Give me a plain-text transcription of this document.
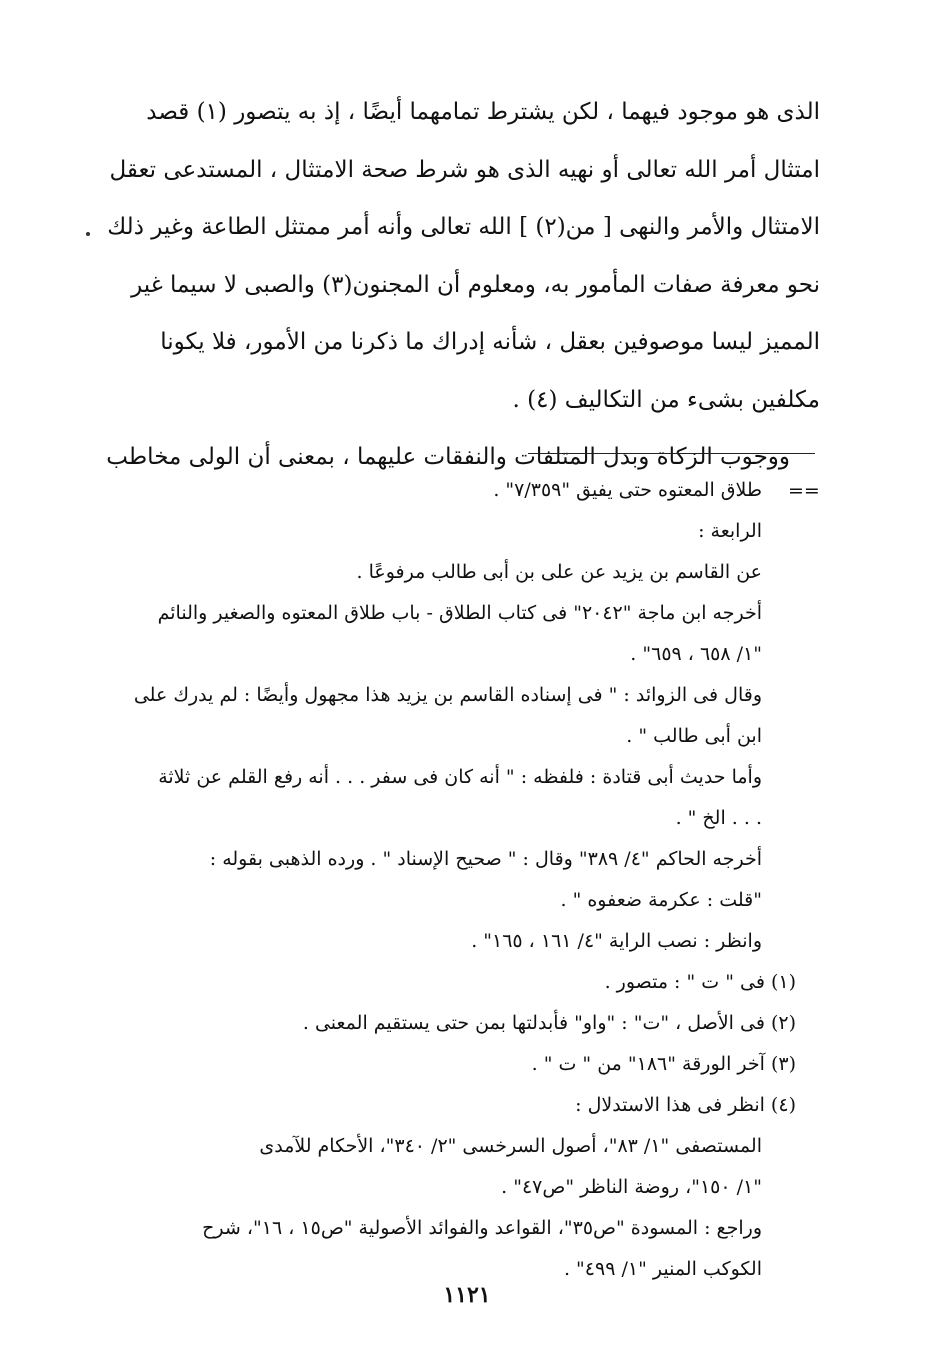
الذى هو موجود فيهما ، لكن يشترط تمامهما أيضًا ، إذ به يتصور (١) قصد
امتثال أمر الله تعالى أو نهيه الذى هو شرط صحة الامتثال ، المستدعى تعقل
الامتثال والأمر والنهى [ من(٢) ] الله تعالى وأنه أمر ممتثل الطاعة وغير ذلك
نحو معرفة صفات المأمور به، ومعلوم أن المجنون(٣) والصبى لا سيما غير
المميز ليسا موصوفين بعقل ، شأنه إدراك ما ذكرنا من الأمور، فلا يكونا
مكلفين بشىء من التكاليف (٤) .
ووجوب الزكاة وبدل المتلفات والنفقات عليهما ، بمعنى أن الولى مخاطب
==
طلاق المعتوه حتى يفيق "٧/٣٥٩" .
الرابعة :
عن القاسم بن يزيد عن على بن أبى طالب مرفوعًا .
أخرجه ابن ماجة "٢٠٤٢" فى كتاب الطلاق - باب طلاق المعتوه والصغير والنائم
"١/ ٦٥٨ ، ٦٥٩" .
وقال فى الزوائد : " فى إسناده القاسم بن يزيد هذا مجهول وأيضًا : لم يدرك على
ابن أبى طالب " .
وأما حديث أبى قتادة : فلفظه : " أنه كان فى سفر . . . أنه رفع القلم عن ثلاثة
. . . الخ " .
أخرجه الحاكم "٤/ ٣٨٩" وقال : " صحيح الإسناد " . ورده الذهبى بقوله :
"قلت : عكرمة ضعفوه " .
وانظر : نصب الراية "٤/ ١٦١ ، ١٦٥" .
(١) فى " ت " : متصور .
(٢) فى الأصل ، "ت" : "واو" فأبدلتها بمن حتى يستقيم المعنى .
(٣) آخر الورقة "١٨٦" من " ت " .
(٤) انظر فى هذا الاستدلال :
المستصفى "١/ ٨٣"، أصول السرخسى "٢/ ٣٤٠"، الأحكام للآمدى
"١/ ١٥٠"، روضة الناظر "ص٤٧" .
وراجع : المسودة "ص٣٥"، القواعد والفوائد الأصولية "ص١٥ ، ١٦"، شرح
الكوكب المنير "١/ ٤٩٩" .
١١٢١
